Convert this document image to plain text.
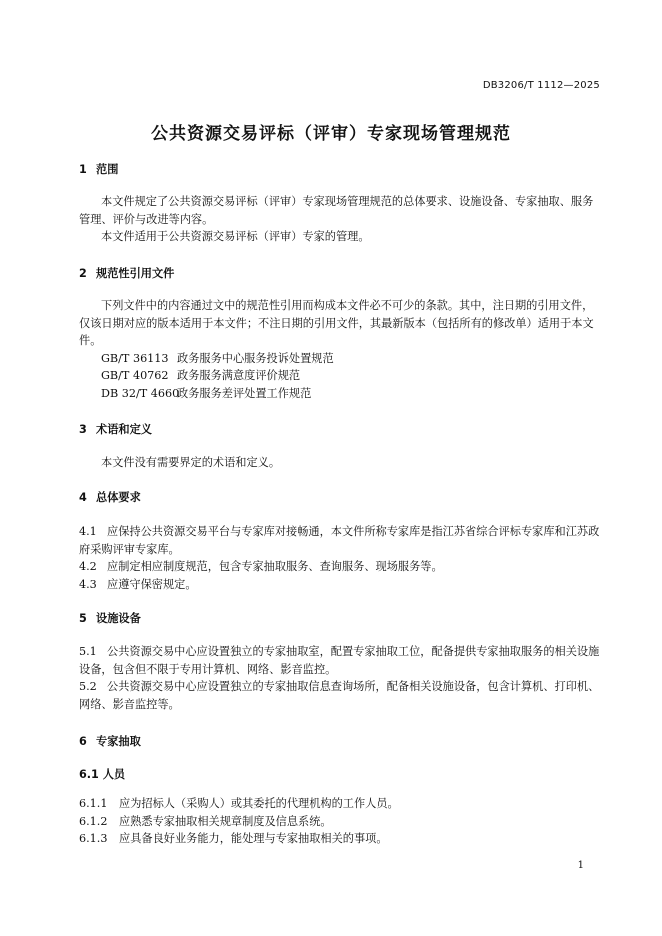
DB3206/T 1112—2025
公共资源交易评标（评审）专家现场管理规范
1 范围

本文件规定了公共资源交易评标（评审）专家现场管理规范的总体要求、设施设备、专家抽取、服务管理、评价与改进等内容。

本文件适用于公共资源交易评标（评审）专家的管理。

2 规范性引用文件

下列文件中的内容通过文中的规范性引用而构成本文件必不可少的条款。其中，注日期的引用文件，仅该日期对应的版本适用于本文件；不注日期的引用文件，其最新版本（包括所有的修改单）适用于本文件。

GB/T 36113 政务服务中心服务投诉处置规范

GB/T 40762 政务服务满意度评价规范

DB 32/T 4660政务服务差评处置工作规范

3 术语和定义

本文件没有需要界定的术语和定义。

4 总体要求

4.1 应保持公共资源交易平台与专家库对接畅通，本文件所称专家库是指江苏省综合评标专家库和江苏政府采购评审专家库。

4.2 应制定相应制度规范，包含专家抽取服务、查询服务、现场服务等。

4.3 应遵守保密规定。

5 设施设备

5.1 公共资源交易中心应设置独立的专家抽取室，配置专家抽取工位，配备提供专家抽取服务的相关设施设备，包含但不限于专用计算机、网络、影音监控。

5.2 公共资源交易中心应设置独立的专家抽取信息查询场所，配备相关设施设备，包含计算机、打印机、网络、影音监控等。

6 专家抽取
6.1 人员

6.1.1 应为招标人（采购人）或其委托的代理机构的工作人员。

6.1.2 应熟悉专家抽取相关规章制度及信息系统。

6.1.3 应具备良好业务能力，能处理与专家抽取相关的事项。

1
